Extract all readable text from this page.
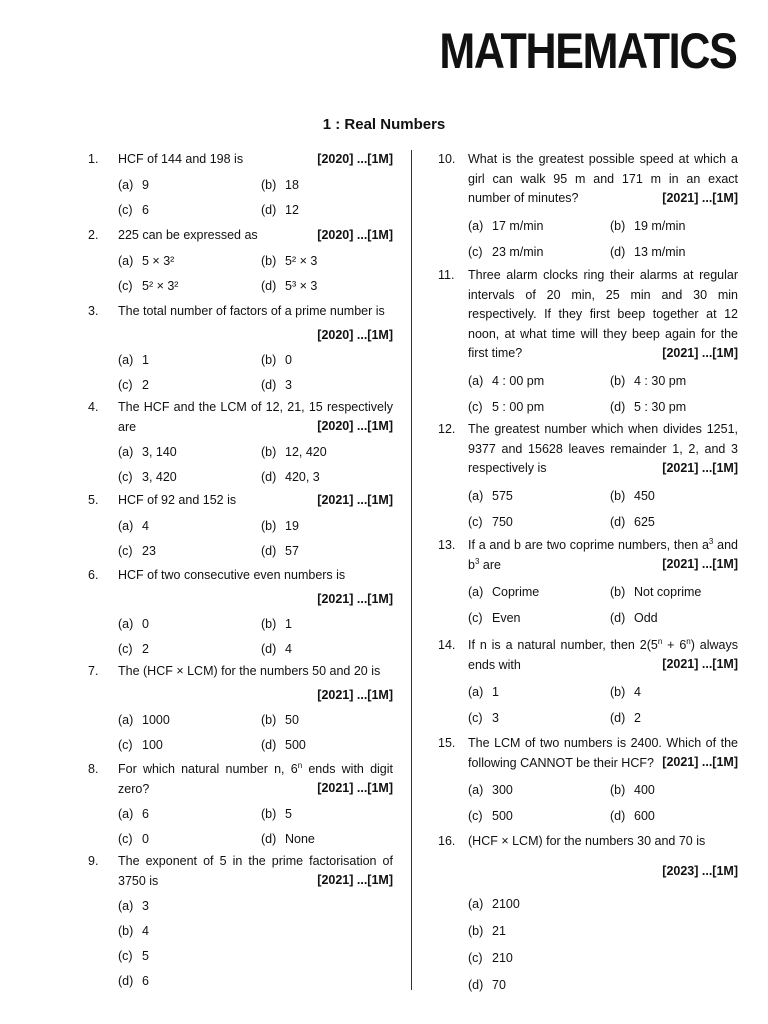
MATHEMATICS
1 : Real Numbers
1.	[2020] ...[1M]
HCF of 144 and 198 is
(a) 9	(b) 18
(c) 6	(d) 12
2.	[2020] ...[1M]
225 can be expressed as
(a) 5 × 3²	(b) 5² × 3
(c) 5² × 3²	(d) 5³ × 3
3. The total number of factors of a prime number is
[2020] ...[1M]
(a) 1	(b) 0
(c) 2	(d) 3
4. The HCF and the LCM of 12, 21, 15 respectively are	[2020] ...[1M]
(a) 3, 140	(b) 12, 420
(c) 3, 420	(d) 420, 3
5.	[2021] ...[1M]
HCF of 92 and 152 is
(a) 4	(b) 19
(c) 23	(d) 57
6. HCF of two consecutive even numbers is
[2021] ...[1M]
(a) 0	(b) 1
(c) 2	(d) 4
7. The (HCF × LCM) for the numbers 50 and 20 is
[2021] ...[1M]
(a) 1000	(b) 50
(c) 100	(d) 500
8. For which natural number n, 6$^n$ ends with digit zero?	[2021] ...[1M]
(a) 6	(b) 5
(c) 0	(d) None
9. The exponent of 5 in the prime factorisation of 3750 is	[2021] ...[1M]
(a) 3
(b) 4
(c) 5
(d) 6
10. What is the greatest possible speed at which a girl can walk 95 m and 171 m in an exact number of minutes?	[2021] ...[1M]
(a) 17 m/min	(b) 19 m/min
(c) 23 m/min	(d) 13 m/min
11. Three alarm clocks ring their alarms at regular intervals of 20 min, 25 min and 30 min respectively. If they first beep together at 12 noon, at what time will they beep again for the first time?	[2021] ...[1M]
(a) 4 : 00 pm	(b) 4 : 30 pm
(c) 5 : 00 pm	(d) 5 : 30 pm
12. The greatest number which when divides 1251, 9377 and 15628 leaves remainder 1, 2, and 3 respectively is	[2021] ...[1M]
(a) 575	(b) 450
(c) 750	(d) 625
13. If a and b are two coprime numbers, then $a^3$ and $b^3$ are	[2021] ...[1M]
(a) Coprime	(b) Not coprime
(c) Even	(d) Odd
14. If n is a natural number, then $2(5^n + 6^n)$ always ends with	[2021] ...[1M]
(a) 1	(b) 4
(c) 3	(d) 2
15. The LCM of two numbers is 2400. Which of the following CANNOT be their HCF? [2021] ...[1M]
(a) 300	(b) 400
(c) 500	(d) 600
16. (HCF × LCM) for the numbers 30 and 70 is
[2023] ...[1M]
(a) 2100
(b) 21
(c) 210
(d) 70
